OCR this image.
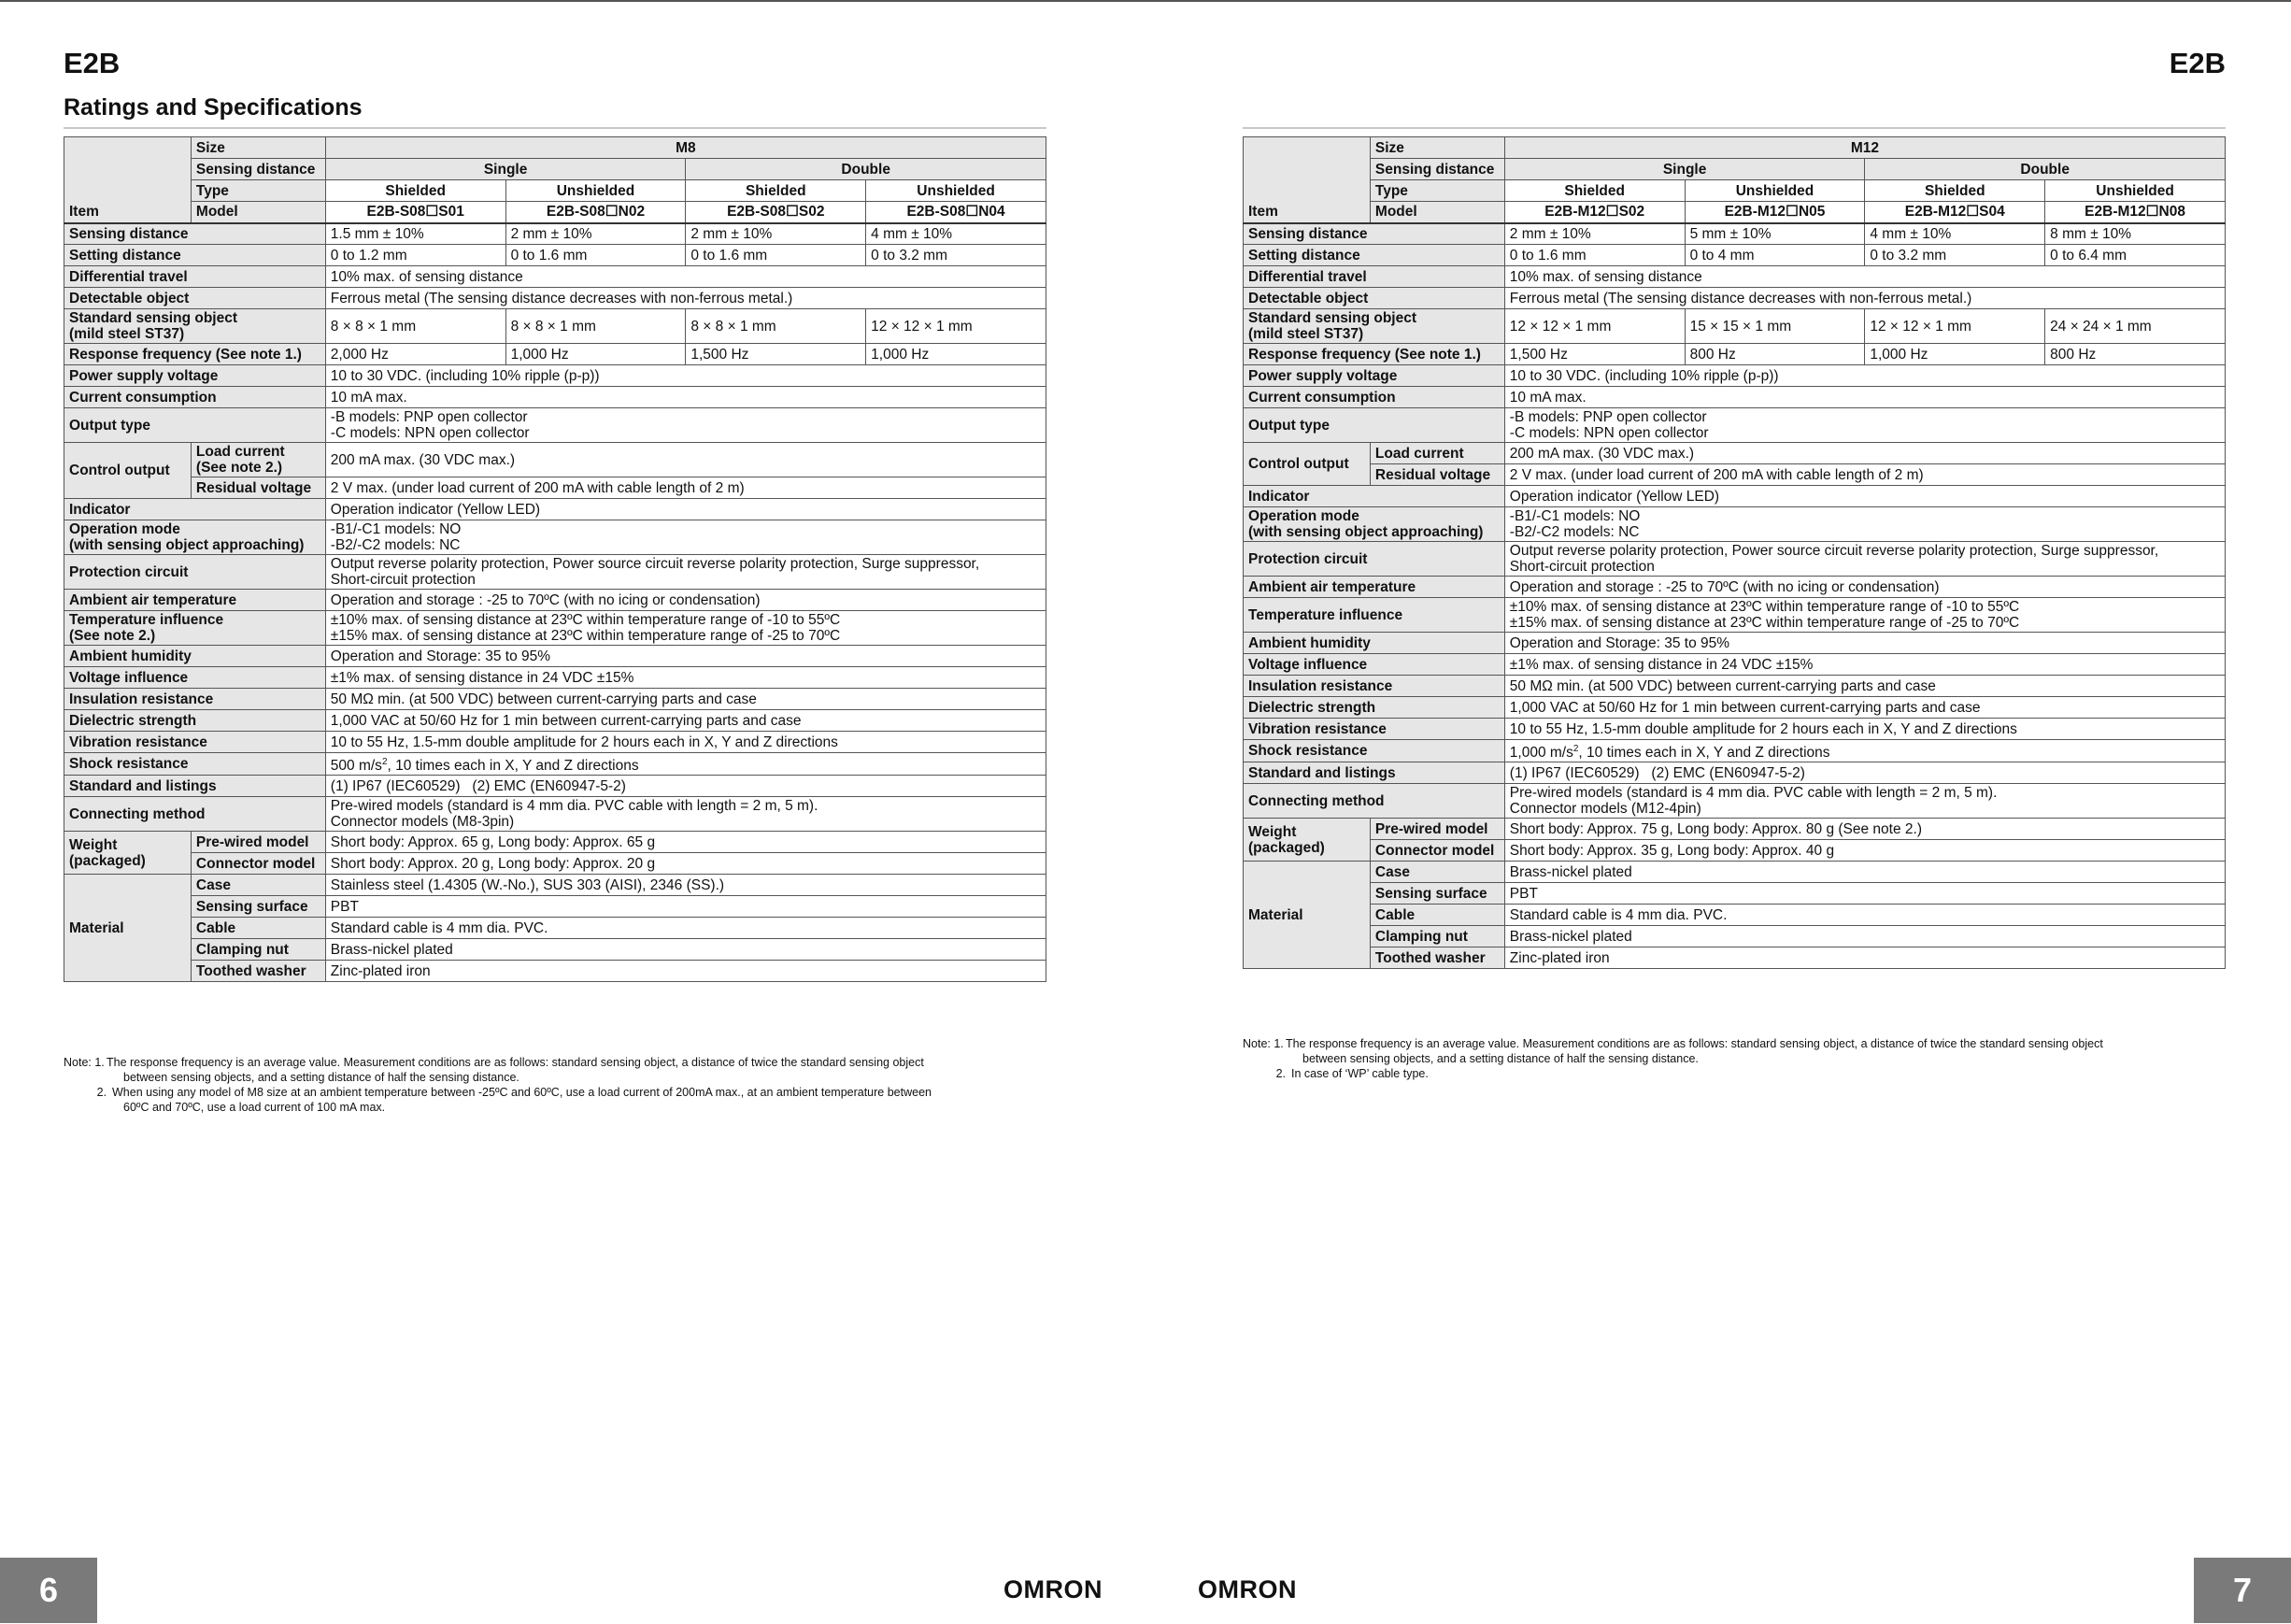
E2B
Ratings and Specifications
	Size	M8			
	Sensing distance	Single		Double	
	Type	Shielded	Unshielded	Shielded	Unshielded
Item	Model	E2B-S08☐S01	E2B-S08☐N02	E2B-S08☐S02	E2B-S08☐N04
Sensing distance		1.5 mm ± 10%	2 mm ± 10%	2 mm ± 10%	4 mm ± 10%
Setting distance		0 to 1.2 mm	0 to 1.6 mm	0 to 1.6 mm	0 to 3.2 mm
Differential travel		10% max. of sensing distance			
Detectable object		Ferrous metal (The sensing distance decreases with non-ferrous metal.)			
Standard sensing object
(mild steel ST37)		8 × 8 × 1 mm	8 × 8 × 1 mm	8 × 8 × 1 mm	12 × 12 × 1 mm
Response frequency (See note 1.)		2,000 Hz	1,000 Hz	1,500 Hz	1,000 Hz
Power supply voltage		10 to 30 VDC. (including 10% ripple (p-p))			
Current consumption		10 mA max.			
Output type		-B models: PNP open collector
-C models: NPN open collector			
Control output	Load current
(See note 2.)	200 mA max. (30 VDC max.)			
	Residual voltage	2 V max. (under load current of 200 mA with cable length of 2 m)			
Indicator		Operation indicator (Yellow LED)			
Operation mode
(with sensing object approaching)		-B1/-C1 models: NO
-B2/-C2 models: NC			
Protection circuit		Output reverse polarity protection, Power source circuit reverse polarity protection, Surge suppressor,
Short-circuit protection			
Ambient air temperature		Operation and storage : -25 to 70ºC (with no icing or condensation)			
Temperature influence
(See note 2.)		±10% max. of sensing distance at 23ºC within temperature range of -10 to 55ºC
±15% max. of sensing distance at 23ºC within temperature range of -25 to 70ºC			
Ambient humidity		Operation and Storage: 35 to 95%			
Voltage influence		±1% max. of sensing distance in 24 VDC ±15%			
Insulation resistance		50 MΩ min. (at 500 VDC) between current-carrying parts and case			
Dielectric strength		1,000 VAC at 50/60 Hz for 1 min between current-carrying parts and case			
Vibration resistance		10 to 55 Hz, 1.5-mm double amplitude for 2 hours each in X, Y and Z directions			
Shock resistance		500 $m/s^2$, 10 times each in X, Y and Z directions			
Standard and listings		(1) IP67 (IEC60529)   (2) EMC (EN60947-5-2)			
Connecting method		Pre-wired models (standard is 4 mm dia. PVC cable with length = 2 m, 5 m).
Connector models (M8-3pin)			
Weight
(packaged)	Pre-wired model	Short body: Approx. 65 g, Long body: Approx. 65 g			
	Connector model	Short body: Approx. 20 g, Long body: Approx. 20 g			
Material	Case	Stainless steel (1.4305 (W.-No.), SUS 303 (AISI), 2346 (SS).)			
	Sensing surface	PBT			
	Cable	Standard cable is 4 mm dia. PVC.			
	Clamping nut	Brass-nickel plated			
	Toothed washer	Zinc-plated iron			
Note: 1. The response frequency is an average value. Measurement conditions are as follows: standard sensing object, a distance of twice the standard sensing object
between sensing objects, and a setting distance of half the sensing distance.
2. When using any model of M8 size at an ambient temperature between -25ºC and 60ºC, use a load current of 200mA max., at an ambient temperature between
60ºC and 70ºC, use a load current of 100 mA max.
6	OMRON
E2B
	Size	M12			
	Sensing distance	Single		Double	
	Type	Shielded	Unshielded	Shielded	Unshielded
Item	Model	E2B-M12☐S02	E2B-M12☐N05	E2B-M12☐S04	E2B-M12☐N08
Sensing distance		2 mm ± 10%	5 mm ± 10%	4 mm ± 10%	8 mm ± 10%
Setting distance		0 to 1.6 mm	0 to 4 mm	0 to 3.2 mm	0 to 6.4 mm
Differential travel		10% max. of sensing distance			
Detectable object		Ferrous metal (The sensing distance decreases with non-ferrous metal.)			
Standard sensing object
(mild steel ST37)		12 × 12 × 1 mm	15 × 15 × 1 mm	12 × 12 × 1 mm	24 × 24 × 1 mm
Response frequency (See note 1.)		1,500 Hz	800 Hz	1,000 Hz	800 Hz
Power supply voltage		10 to 30 VDC. (including 10% ripple (p-p))			
Current consumption		10 mA max.			
Output type		-B models: PNP open collector
-C models: NPN open collector			
Control output	Load current	200 mA max. (30 VDC max.)			
	Residual voltage	2 V max. (under load current of 200 mA with cable length of 2 m)			
Indicator		Operation indicator (Yellow LED)			
Operation mode
(with sensing object approaching)		-B1/-C1 models: NO
-B2/-C2 models: NC			
Protection circuit		Output reverse polarity protection, Power source circuit reverse polarity protection, Surge suppressor,
Short-circuit protection			
Ambient air temperature		Operation and storage : -25 to 70ºC (with no icing or condensation)			
Temperature influence		±10% max. of sensing distance at 23ºC within temperature range of -10 to 55ºC
±15% max. of sensing distance at 23ºC within temperature range of -25 to 70ºC			
Ambient humidity		Operation and Storage: 35 to 95%			
Voltage influence		±1% max. of sensing distance in 24 VDC ±15%			
Insulation resistance		50 MΩ min. (at 500 VDC) between current-carrying parts and case			
Dielectric strength		1,000 VAC at 50/60 Hz for 1 min between current-carrying parts and case			
Vibration resistance		10 to 55 Hz, 1.5-mm double amplitude for 2 hours each in X, Y and Z directions			
Shock resistance		1,000 $m/s^2$, 10 times each in X, Y and Z directions			
Standard and listings		(1) IP67 (IEC60529)   (2) EMC (EN60947-5-2)			
Connecting method		Pre-wired models (standard is 4 mm dia. PVC cable with length = 2 m, 5 m).
Connector models (M12-4pin)			
Weight
(packaged)	Pre-wired model	Short body: Approx. 75 g, Long body: Approx. 80 g (See note 2.)			
	Connector model	Short body: Approx. 35 g, Long body: Approx. 40 g			
Material	Case	Brass-nickel plated			
	Sensing surface	PBT			
	Cable	Standard cable is 4 mm dia. PVC.			
	Clamping nut	Brass-nickel plated			
	Toothed washer	Zinc-plated iron			
Note: 1. The response frequency is an average value. Measurement conditions are as follows: standard sensing object, a distance of twice the standard sensing object
between sensing objects, and a setting distance of half the sensing distance.
2. In case of ‘WP’ cable type.
OMRON	7
